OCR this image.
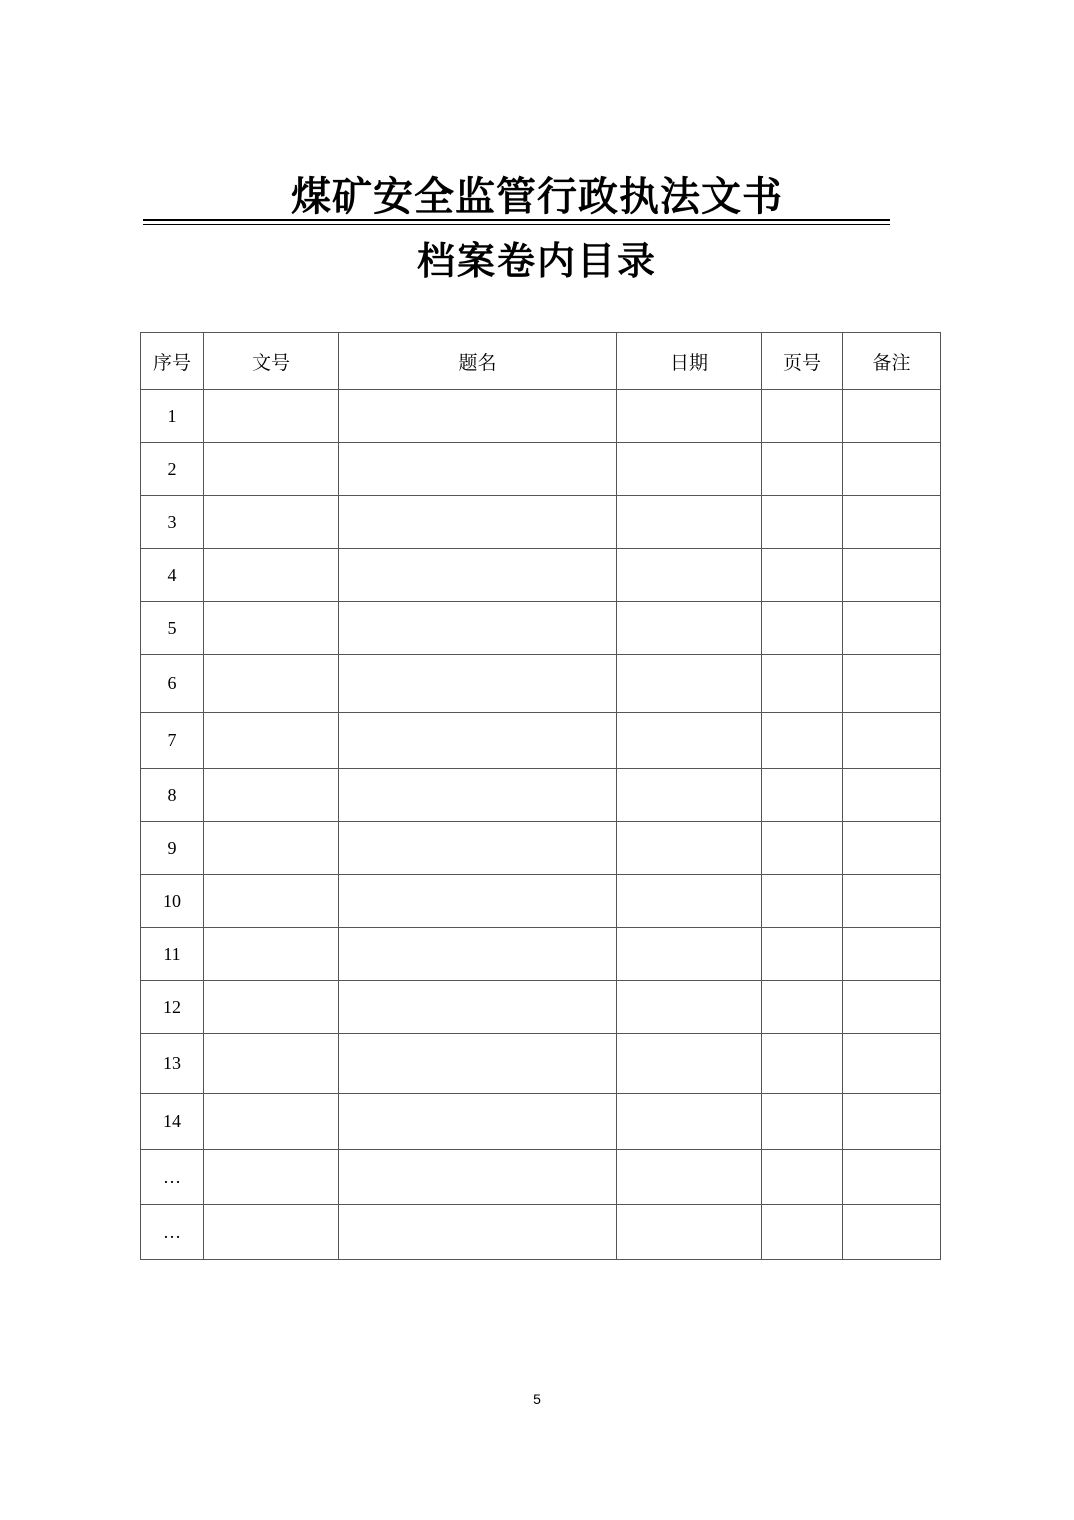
煤矿安全监管行政执法文书
档案卷内目录
序号	文号	题名	日期	页号	备注
1					
2					
3					
4					
5					
6					
7					
8					
9					
10					
11					
12					
13					
14					
…					
…					
5
